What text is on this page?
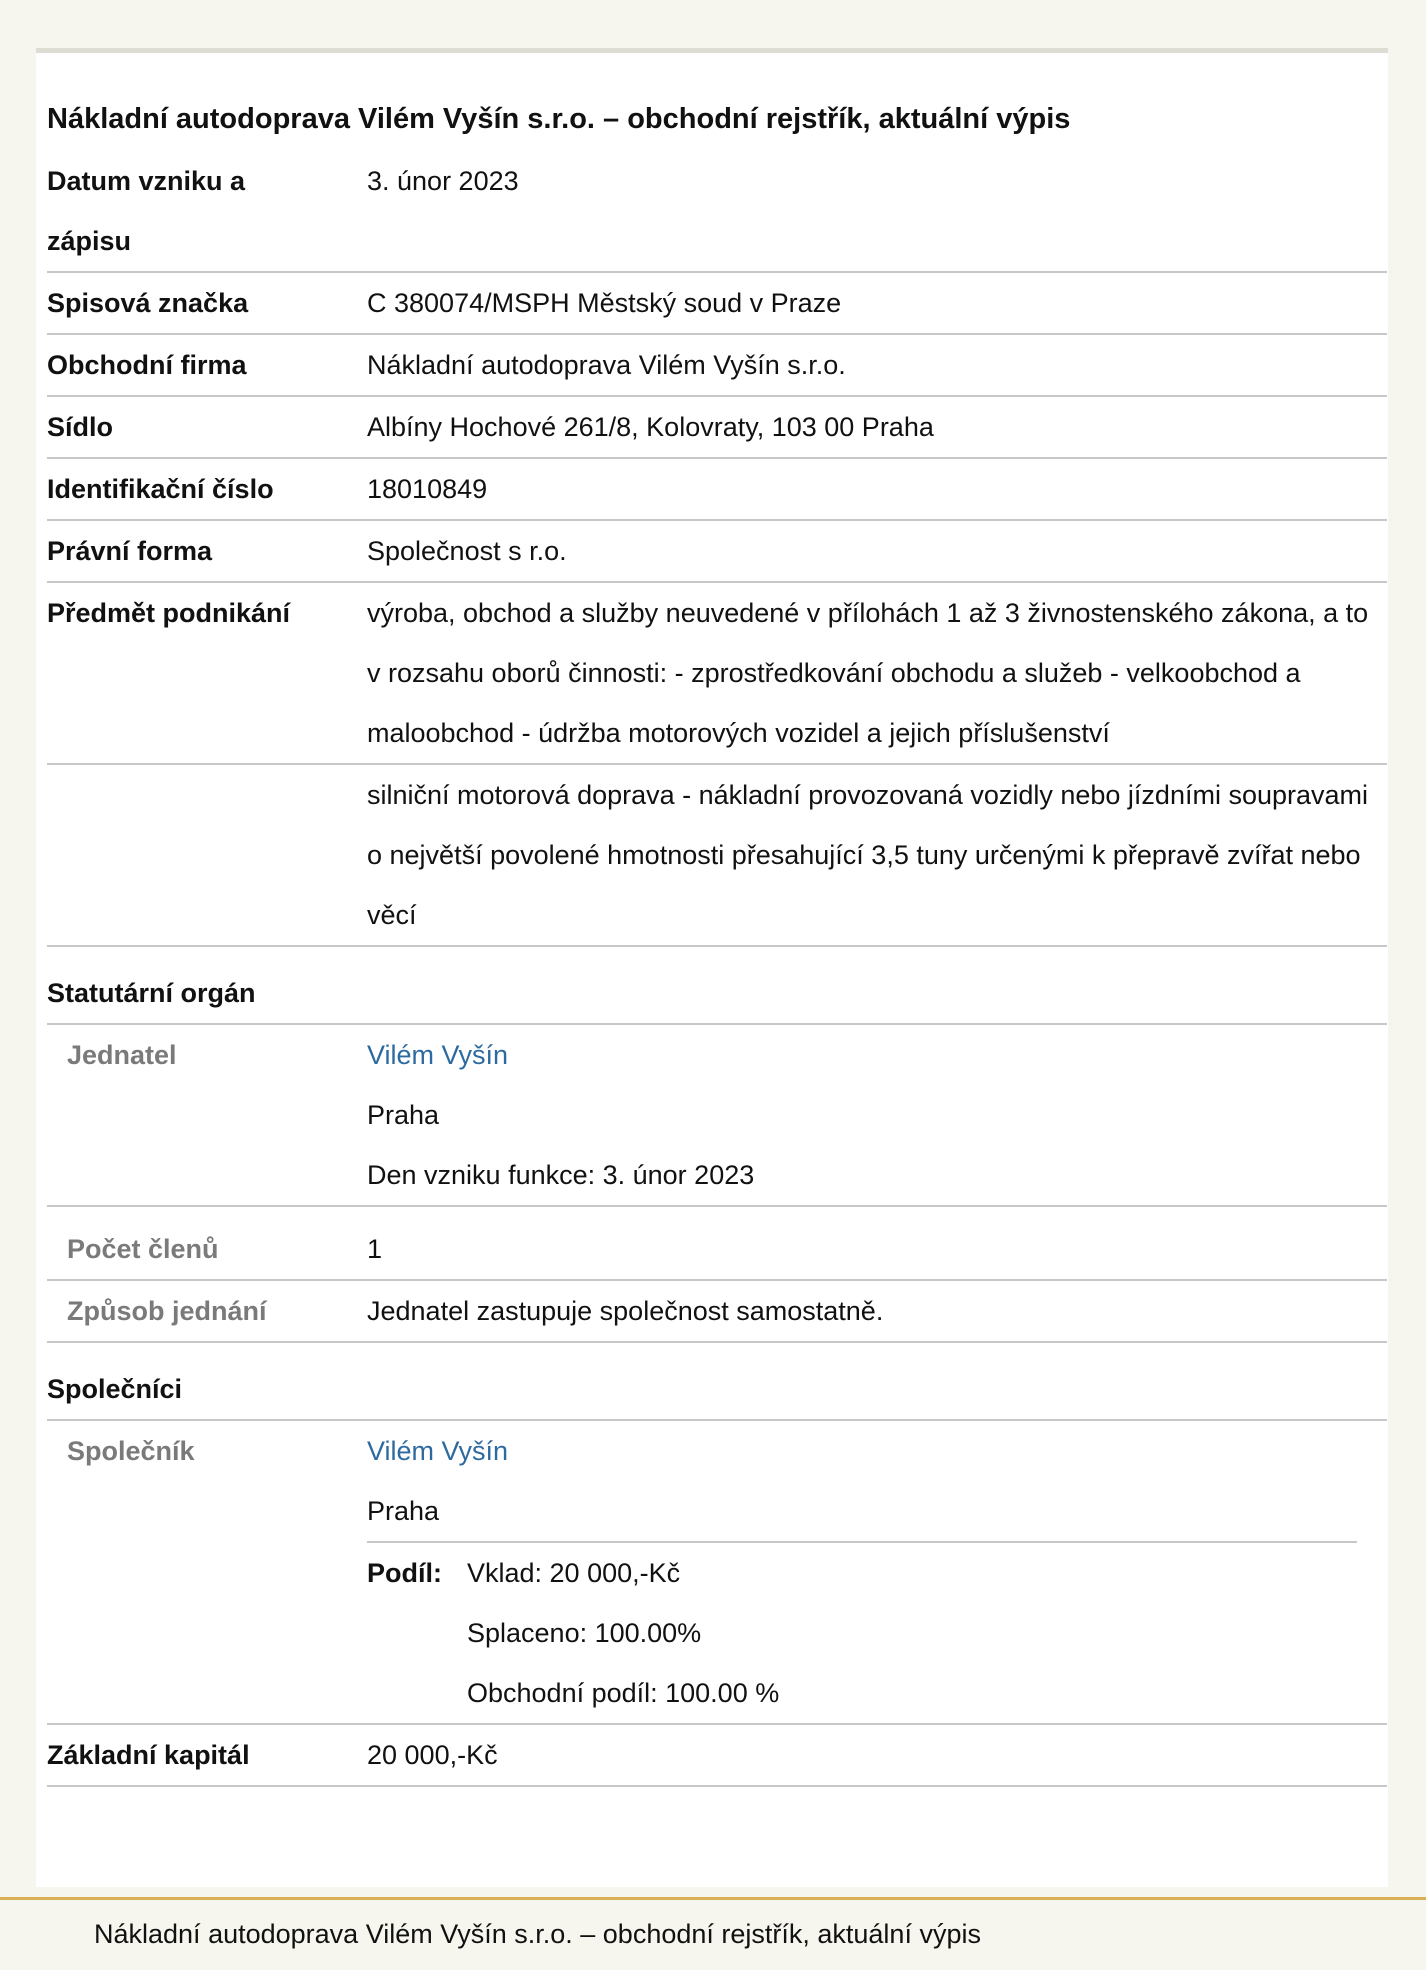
Nákladní autodoprava Vilém Vyšín s.r.o. – obchodní rejstřík, aktuální výpis
Datum vzniku a
zápisu
	3. únor 2023
Spisová značka	C 380074/MSPH Městský soud v Praze
Obchodní firma	Nákladní autodoprava Vilém Vyšín s.r.o.
Sídlo	Albíny Hochové 261/8, Kolovraty, 103 00 Praha
Identifikační číslo	18010849
Právní forma	Společnost s r.o.
Předmět podnikání	výroba, obchod a služby neuvedené v přílohách 1 až 3 živnostenského zákona, a to v rozsahu oborů činnosti: - zprostředkování obchodu a služeb - velkoobchod a maloobchod - údržba motorových vozidel a jejich příslušenství
	silniční motorová doprava - nákladní provozovaná vozidly nebo jízdními soupravami o největší povolené hmotnosti přesahující 3,5 tuny určenými k přepravě zvířat nebo věcí
Statutární orgán
Jednatel	Vilém Vyšín
Praha
Den vzniku funkce: 3. únor 2023

Počet členů	1
Způsob jednání	Jednatel zastupuje společnost samostatně.
Společníci
Společník	Vilém Vyšín
Praha
Podíl:	Vklad: 20 000,-Kč
Splaceno: 100.00%
Obchodní podíl: 100.00 %

Základní kapitál	20 000,-Kč
Nákladní autodoprava Vilém Vyšín s.r.o. – obchodní rejstřík, aktuální výpis
